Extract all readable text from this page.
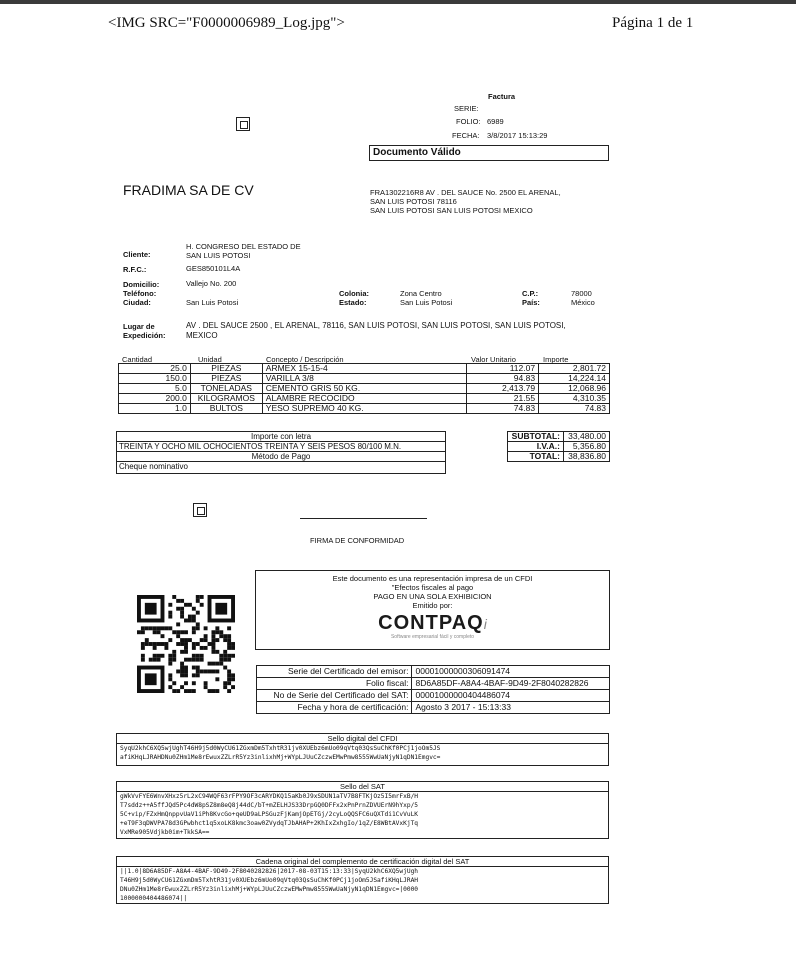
<IMG SRC="F0000006989_Log.jpg">	Página 1 de 1
Factura
SERIE:
FOLIO: 6989
FECHA: 3/8/2017 15:13:29
Documento Válido
FRADIMA SA DE CV	FRA1302216R8 AV . DEL SAUCE No. 2500 EL ARENAL,
SAN LUIS POTOSI 78116
SAN LUIS POTOSI SAN LUIS POTOSI MEXICO
Cliente:
H. CONGRESO DEL ESTADO DE
SAN LUIS POTOSI
R.F.C.:	GES850101L4A
Domicilio:	Vallejo No. 200
Teléfono:
Ciudad:	San Luis Potosi
Colonia:	Zona Centro
Estado:	San Luis Potosi
C.P.:	78000
País:	México
Lugar de
Expedición:
AV . DEL SAUCE 2500 , EL ARENAL, 78116, SAN LUIS POTOSI, SAN LUIS POTOSI, SAN LUIS POTOSI,
MEXICO
Cantidad	Unidad	Concepto / Descripción	Valor Unitario	Importe
25.0	PIEZAS	ARMEX 15-15-4	112.07	2,801.72
150.0	PIEZAS	VARILLA 3/8	94.83	14,224.14
5.0	TONELADAS	CEMENTO GRIS 50 KG.	2,413.79	12,068.96
200.0	KILOGRAMOS	ALAMBRE RECOCIDO	21.55	4,310.35
1.0	BULTOS	YESO SUPREMO 40 KG.	74.83	74.83
Importe con letra
TREINTA Y OCHO MIL OCHOCIENTOS TREINTA Y SEIS PESOS 80/100 M.N.
Método de Pago
Cheque nominativo
SUBTOTAL:	33,480.00
I.V.A.:	5,356.80
TOTAL:	38,836.80
FIRMA DE CONFORMIDAD
Este documento es una representación impresa de un CFDI
"Efectos fiscales al pago
PAGO EN UNA SOLA EXHIBICION
Emitido por:
CONTPAQi
Software empresarial fácil y completo
Serie del Certificado del emisor:	00001000000306091474
Folio fiscal:	8D6A85DF-A8A4-4BAF-9D49-2F8040282826
No de Serie del Certificado del SAT:	00001000000404486074
Fecha y hora de certificación:	Agosto 3 2017 - 15:13:33
Sello digital del CFDI
SyqU2khC6XQ5wjUghT46H9j5d0WyCU61ZGxmDm5TxhtR31jv0XUEbz6mUo09qVtq03QsSuChKf0PCj1joOm5JS
afiKHqLJRAHDNu0ZHm1Me8rEwuxZZLrR5Yz3inlixhMj+WYpLJUuCZczwEMwPmw8555WwUaNjyN1qDN1Emgvc=
Sello del SAT
gWkVvFYE6WnvXHxz5rL2xC94WQF63rFPY9OF3cARYDKQ15aKb0J9xSDUN1aTV7B8FTKjOz5I5mrFxB/H
T7sddz++A5ffJQd5Pc4dW8pSZ8m8eQ8j44dC/bT+mZELHJS33DrpGQ0DFFx2xPnPrnZDVUErN9hYxp/5
5C+vip/FZxHmQnppvUaV1iPh8KvcGo+qeUD9aLPSGuzFjKamjOpETGj/2cyLoQQSFC6uQXTdi1CvVuLK
+eT9F3qDWVPA78d3GPwbhct1q5xoLK8kmc3oaw0ZVydqTJbAHAP+2KhIxZxhgIo/1qZ/E8WBtAVxKjTq
VxMRe905Vdjkb0im+TkkSA==
Cadena original del complemento de certificación digital del SAT
||1.0|8D6A85DF-A8A4-4BAF-9D49-2F8040282826|2017-08-03T15:13:33|SyqU2khC6XQ5wjUgh
T46H9j5d0WyCU61ZGxmDm5TxhtR31jv0XUEbz6mUo09qVtq03QsSuChKf0PCj1joOm5JSafiKHqLJRAH
DNu0ZHm1Me8rEwuxZZLrR5Yz3inlixhMj+WYpLJUuCZczwEMwPmw8555WwUaNjyN1qDN1Emgvc=|0000
1000000404486074||
